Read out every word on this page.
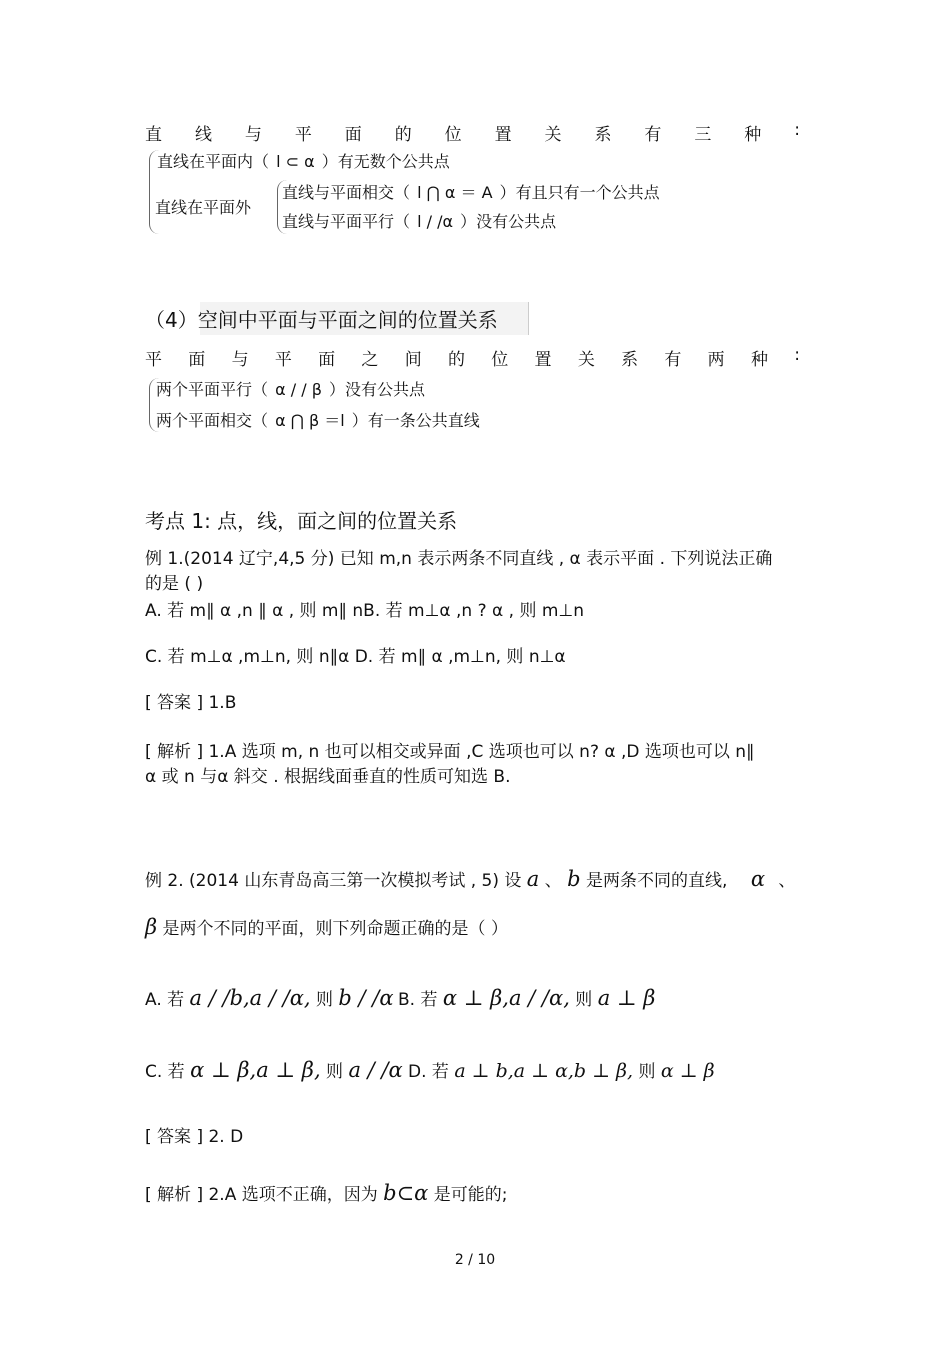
直 线 与 平 面 的 位 置 关 系 有 三 种 :
直线在平面内（ l ⊂ α ）有无数个公共点
直线在平面外
直线与平面相交（ l ⋂ α ＝ A ）有且只有一个公共点
直线与平面平行（ l / /α ）没有公共点
（4）空间中平面与平面之间的位置关系
平 面 与 平 面 之 间 的 位 置 关 系 有 两 种 :
两个平面平行（ α / / β ）没有公共点
两个平面相交（ α ⋂ β ＝l ）有一条公共直线
考点 1: 点，线，面之间的位置关系
例 1.(2014 辽宁,4,5 分) 已知 m,n 表示两条不同直线 , α 表示平面 . 下列说法正确
的是 ( )
A. 若 m∥ α ,n ∥ α , 则 m∥ nB. 若 m⊥α ,n ? α , 则 m⊥n
C. 若 m⊥α ,m⊥n, 则 n∥α D. 若 m∥ α ,m⊥n, 则 n⊥α
[ 答案 ] 1.B
[ 解析 ] 1.A 选项 m, n 也可以相交或异面 ,C 选项也可以 n? α ,D 选项也可以 n∥
α 或 n 与α 斜交 . 根据线面垂直的性质可知选 B.
例 2. (2014 山东青岛高三第一次模拟考试 , 5) 设 a 、 b 是两条不同的直线, α 、
β 是两个不同的平面，则下列命题正确的是（ ）
A. 若 a / /b,a / /α, 则 b / /α B. 若 α ⊥ β,a / /α, 则 a ⊥ β
C. 若 α ⊥ β,a ⊥ β, 则 a / /α D. 若 a ⊥ b,a ⊥ α,b ⊥ β, 则 α ⊥ β
[ 答案 ] 2. D
[ 解析 ] 2.A 选项不正确，因为 b⊂α 是可能的;
2 / 10
